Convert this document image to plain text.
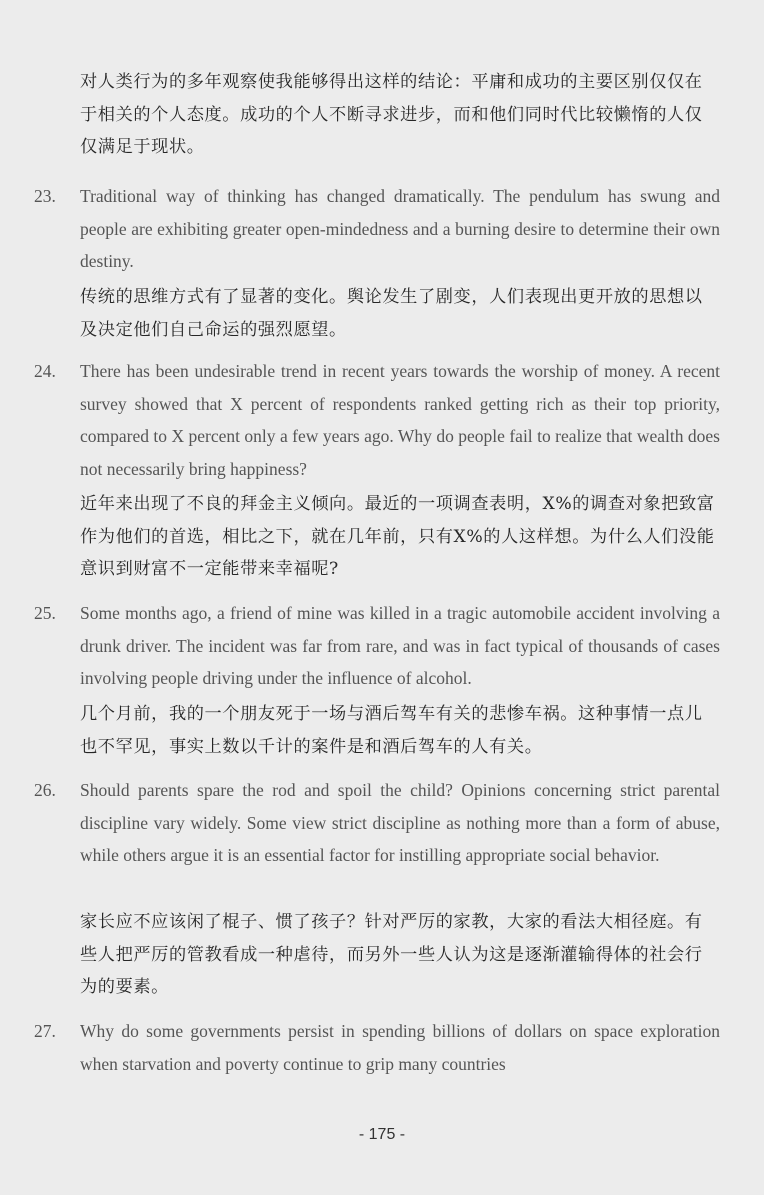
对人类行为的多年观察使我能够得出这样的结论：平庸和成功的主要区别仅仅在于相关的个人态度。成功的个人不断寻求进步，而和他们同时代比较懒惰的人仅仅满足于现状。
23. Traditional way of thinking has changed dramatically. The pendulum has swung and people are exhibiting greater open-mindedness and a burning desire to determine their own destiny.
传统的思维方式有了显著的变化。舆论发生了剧变，人们表现出更开放的思想以及决定他们自己命运的强烈愿望。
24. There has been undesirable trend in recent years towards the worship of money. A recent survey showed that X percent of respondents ranked getting rich as their top priority, compared to X percent only a few years ago. Why do people fail to realize that wealth does not necessarily bring happiness?
近年来出现了不良的拜金主义倾向。最近的一项调查表明，X%的调查对象把致富作为他们的首选，相比之下，就在几年前，只有X%的人这样想。为什么人们没能意识到财富不一定能带来幸福呢?
25. Some months ago, a friend of mine was killed in a tragic automobile accident involving a drunk driver. The incident was far from rare, and was in fact typical of thousands of cases involving people driving under the influence of alcohol.
几个月前，我的一个朋友死于一场与酒后驾车有关的悲惨车祸。这种事情一点儿也不罕见，事实上数以千计的案件是和酒后驾车的人有关。
26. Should parents spare the rod and spoil the child? Opinions concerning strict parental discipline vary widely. Some view strict discipline as nothing more than a form of abuse, while others argue it is an essential factor for instilling appropriate social behavior.
家长应不应该闲了棍子、惯了孩子？针对严厉的家教，大家的看法大相径庭。有些人把严厉的管教看成一种虐待，而另外一些人认为这是逐渐灌输得体的社会行为的要素。
27. Why do some governments persist in spending billions of dollars on space exploration when starvation and poverty continue to grip many countries
- 175 -
